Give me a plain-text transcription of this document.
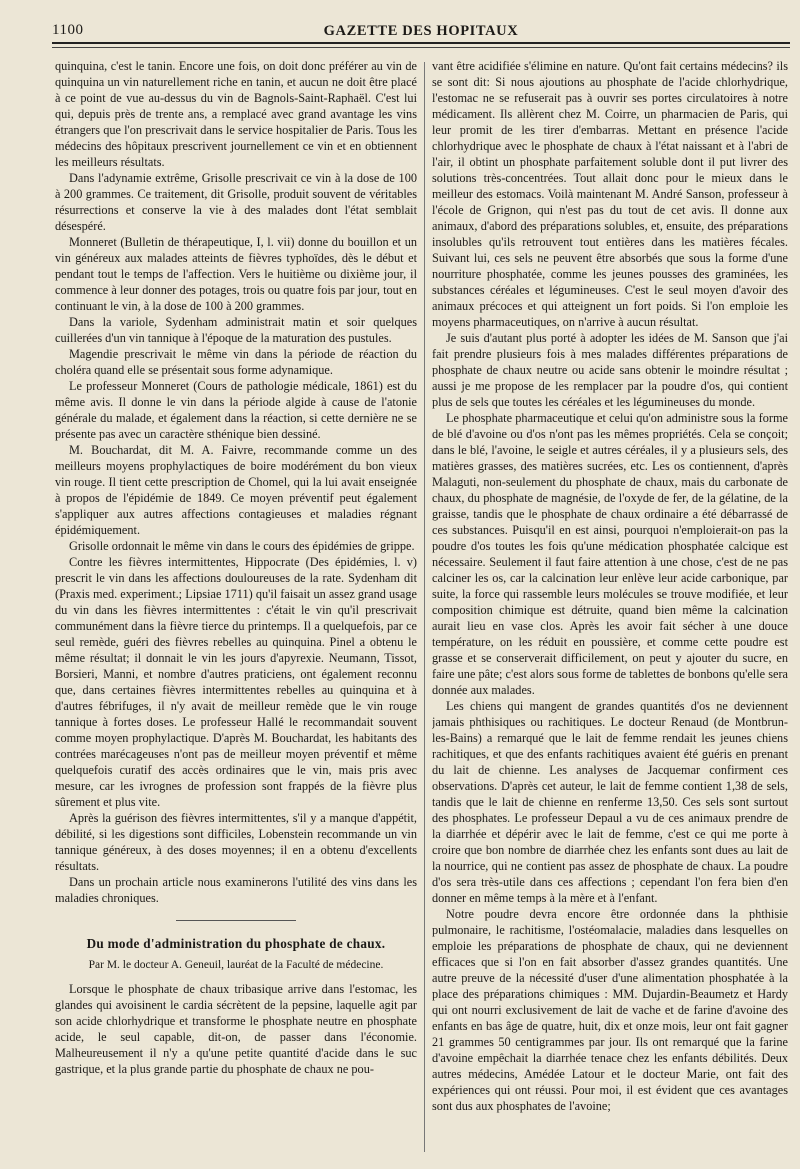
1100	GAZETTE DES HOPITAUX

quinquina, c'est le tanin. Encore une fois, on doit donc préférer au vin de quinquina un vin naturellement riche en tanin, et aucun ne doit être placé à ce point de vue au-dessus du vin de Bagnols-Saint-Raphaël. C'est lui qui, depuis près de trente ans, a remplacé avec grand avantage les vins étrangers que l'on prescrivait dans le service hospitalier de Paris. Tous les médecins des hôpitaux prescrivent journellement ce vin et en obtiennent les meilleurs résultats.

Dans l'adynamie extrême, Grisolle prescrivait ce vin à la dose de 100 à 200 grammes. Ce traitement, dit Grisolle, produit souvent de véritables résurrections et conserve la vie à des malades dont l'état semblait désespéré.

Monneret (Bulletin de thérapeutique, I, l. vii) donne du bouillon et un vin généreux aux malades atteints de fièvres typhoïdes, dès le début et pendant tout le temps de l'affection. Vers le huitième ou dixième jour, il commence à leur donner des potages, trois ou quatre fois par jour, tout en continuant le vin, à la dose de 100 à 200 grammes.

Dans la variole, Sydenham administrait matin et soir quelques cuillerées d'un vin tannique à l'époque de la maturation des pustules.

Magendie prescrivait le même vin dans la période de réaction du choléra quand elle se présentait sous forme adynamique.

Le professeur Monneret (Cours de pathologie médicale, 1861) est du même avis. Il donne le vin dans la période algide à cause de l'atonie générale du malade, et également dans la réaction, si cette dernière ne se présente pas avec un caractère sthénique bien dessiné.

M. Bouchardat, dit M. A. Faivre, recommande comme un des meilleurs moyens prophylactiques de boire modérément du bon vieux vin rouge. Il tient cette prescription de Chomel, qui la lui avait enseignée à propos de l'épidémie de 1849. Ce moyen préventif peut également s'appliquer aux autres affections contagieuses et maladies régnant épidémiquement.

Grisolle ordonnait le même vin dans le cours des épidémies de grippe.

Contre les fièvres intermittentes, Hippocrate (Des épidémies, l. v) prescrit le vin dans les affections douloureuses de la rate. Sydenham dit (Praxis med. experiment.; Lipsiae 1711) qu'il faisait un assez grand usage du vin dans les fièvres intermittentes : c'était le vin qu'il prescrivait communément dans la fièvre tierce du printemps. Il a quelquefois, par ce seul remède, guéri des fièvres rebelles au quinquina. Pinel a obtenu le même résultat; il donnait le vin les jours d'apyrexie. Neumann, Tissot, Borsieri, Manni, et nombre d'autres praticiens, ont également reconnu que, dans certaines fièvres intermittentes rebelles au quinquina et à d'autres fébrifuges, il n'y avait de meilleur remède que le vin rouge tannique à fortes doses. Le professeur Hallé le recommandait souvent comme moyen prophylactique. D'après M. Bouchardat, les habitants des contrées marécageuses n'ont pas de meilleur moyen préventif et même quelquefois curatif des accès ordinaires que le vin, mais pris avec mesure, car les ivrognes de profession sont frappés de la fièvre plus sûrement et plus vite.

Après la guérison des fièvres intermittentes, s'il y a manque d'appétit, débilité, si les digestions sont difficiles, Lobenstein recommande un vin tannique généreux, à des doses moyennes; il en a obtenu d'excellents résultats.

Dans un prochain article nous examinerons l'utilité des vins dans les maladies chroniques.

Du mode d'administration du phosphate de chaux.
Par M. le docteur A. Geneuil, lauréat de la Faculté de médecine.

Lorsque le phosphate de chaux tribasique arrive dans l'estomac, les glandes qui avoisinent le cardia sécrètent de la pepsine, laquelle agit par son acide chlorhydrique et transforme le phosphate neutre en phosphate acide, le seul capable, dit-on, de passer dans l'économie. Malheureusement il n'y a qu'une petite quantité d'acide dans le suc gastrique, et la plus grande partie du phosphate de chaux ne pou-

vant être acidifiée s'élimine en nature. Qu'ont fait certains médecins? ils se sont dit: Si nous ajoutions au phosphate de l'acide chlorhydrique, l'estomac ne se refuserait pas à ouvrir ses portes circulatoires à notre médicament. Ils allèrent chez M. Coirre, un pharmacien de Paris, qui leur promit de les tirer d'embarras. Mettant en présence l'acide chlorhydrique avec le phosphate de chaux à l'état naissant et à l'abri de l'air, il obtint un phosphate parfaitement soluble dont il put livrer des solutions très-concentrées. Tout allait donc pour le mieux dans le meilleur des estomacs. Voilà maintenant M. André Sanson, professeur à l'école de Grignon, qui n'est pas du tout de cet avis. Il donne aux animaux, d'abord des préparations solubles, et, ensuite, des préparations insolubles qu'ils retrouvent tout entières dans les matières fécales. Suivant lui, ces sels ne peuvent être absorbés que sous la forme d'une nourriture phosphatée, comme les jeunes pousses des graminées, les substances céréales et légumineuses. C'est le seul moyen d'avoir des animaux précoces et qui atteignent un fort poids. Si l'on emploie les moyens pharmaceutiques, on n'arrive à aucun résultat.

Je suis d'autant plus porté à adopter les idées de M. Sanson que j'ai fait prendre plusieurs fois à mes malades différentes préparations de phosphate de chaux neutre ou acide sans obtenir le moindre résultat ; aussi je me propose de les remplacer par la poudre d'os, qui contient plus de sels que toutes les céréales et les légumineuses du monde.

Le phosphate pharmaceutique et celui qu'on administre sous la forme de blé d'avoine ou d'os n'ont pas les mêmes propriétés. Cela se conçoit; dans le blé, l'avoine, le seigle et autres céréales, il y a plusieurs sels, des matières grasses, des matières sucrées, etc. Les os contiennent, d'après Malaguti, non-seulement du phosphate de chaux, mais du carbonate de chaux, du phosphate de magnésie, de l'oxyde de fer, de la gélatine, de la graisse, tandis que le phosphate de chaux ordinaire a été débarrassé de ces substances. Puisqu'il en est ainsi, pourquoi n'emploierait-on pas la poudre d'os toutes les fois qu'une médication phosphatée calcique est nécessaire. Seulement il faut faire attention à une chose, c'est de ne pas calciner les os, car la calcination leur enlève leur acide carbonique, par suite, la force qui rassemble leurs molécules se trouve modifiée, et leur composition chimique est détruite, quand bien même la calcination aurait lieu en vase clos. Après les avoir fait sécher à une douce température, on les réduit en poussière, et comme cette poudre est grasse et se conserverait difficilement, on peut y ajouter du sucre, en faire une pâte; c'est alors sous forme de tablettes de bonbons qu'elle sera donnée aux malades.

Les chiens qui mangent de grandes quantités d'os ne deviennent jamais phthisiques ou rachitiques. Le docteur Renaud (de Montbrun-les-Bains) a remarqué que le lait de femme rendait les jeunes chiens rachitiques, et que des enfants rachitiques avaient été guéris en prenant du lait de chienne. Les analyses de Jacquemar confirment ces observations. D'après cet auteur, le lait de femme contient 1,38 de sels, tandis que le lait de chienne en renferme 13,50. Ces sels sont surtout des phosphates. Le professeur Depaul a vu de ces animaux prendre de la diarrhée et dépérir avec le lait de femme, c'est ce qui me porte à croire que bon nombre de diarrhée chez les enfants sont dues au lait de la nourrice, qui ne contient pas assez de phosphate de chaux. La poudre d'os sera très-utile dans ces affections ; cependant l'on fera bien d'en donner en même temps à la mère et à l'enfant.

Notre poudre devra encore être ordonnée dans la phthisie pulmonaire, le rachitisme, l'ostéomalacie, maladies dans lesquelles on emploie les préparations de phosphate de chaux, qui ne deviennent efficaces que si l'on en fait absorber d'assez grandes quantités. Une autre preuve de la nécessité d'user d'une alimentation phosphatée à la place des préparations chimiques : MM. Dujardin-Beaumetz et Hardy qui ont nourri exclusivement de lait de vache et de farine d'avoine des enfants en bas âge de quatre, huit, dix et onze mois, leur ont fait gagner 21 grammes 50 centigrammes par jour. Ils ont remarqué que la farine d'avoine empêchait la diarrhée tenace chez les enfants débilités. Deux autres médecins, Amédée Latour et le docteur Marie, ont fait des expériences qui ont réussi. Pour moi, il est évident que ces avantages sont dus aux phosphates de l'avoine;
